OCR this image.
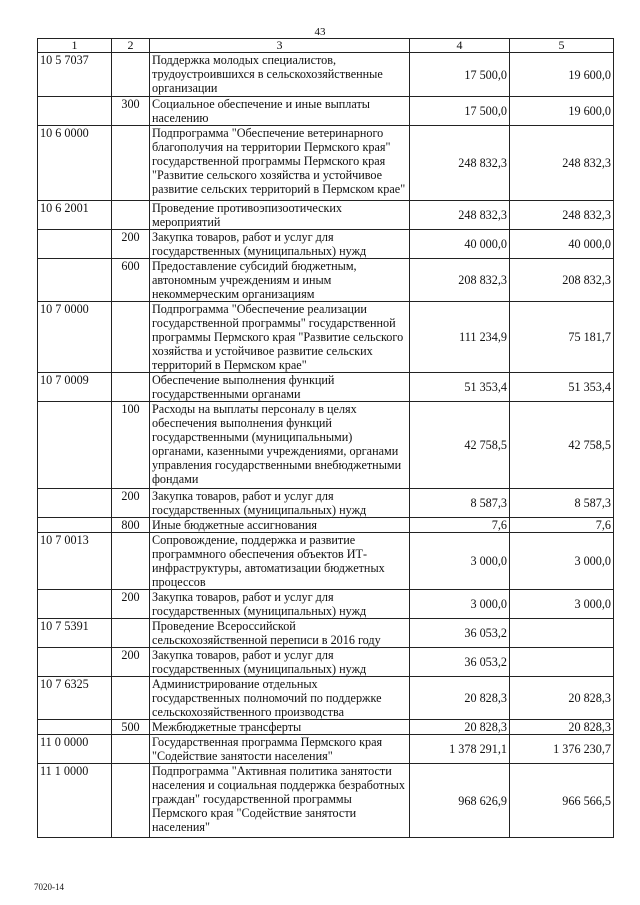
43
1	2	3	4	5
10 5 7037		Поддержка молодых специалистов, трудоустроившихся в сельскохозяйственные организации	17 500,0	19 600,0
	300	Социальное обеспечение и иные выплаты населению	17 500,0	19 600,0
10 6 0000		Подпрограмма "Обеспечение ветеринарного благополучия на территории Пермского края" государственной программы Пермского края "Развитие сельского хозяйства и устойчивое развитие сельских территорий в Пермском крае"	248 832,3	248 832,3
10 6 2001		Проведение противоэпизоотических мероприятий	248 832,3	248 832,3
	200	Закупка товаров, работ и услуг для государственных (муниципальных) нужд	40 000,0	40 000,0
	600	Предоставление субсидий бюджетным, автономным учреждениям и иным некоммерческим организациям	208 832,3	208 832,3
10 7 0000		Подпрограмма "Обеспечение реализации государственной программы" государственной программы Пермского края "Развитие сельского хозяйства и устойчивое развитие сельских территорий в Пермском крае"	111 234,9	75 181,7
10 7 0009		Обеспечение выполнения функций государственными органами	51 353,4	51 353,4
	100	Расходы на выплаты персоналу в целях обеспечения выполнения функций государственными (муниципальными) органами, казенными учреждениями, органами управления государственными внебюджетными фондами	42 758,5	42 758,5
	200	Закупка товаров, работ и услуг для государственных (муниципальных) нужд	8 587,3	8 587,3
	800	Иные бюджетные ассигнования	7,6	7,6
10 7 0013		Сопровождение, поддержка и развитие программного обеспечения объектов ИТ-инфраструктуры, автоматизации бюджетных процессов	3 000,0	3 000,0
	200	Закупка товаров, работ и услуг для государственных (муниципальных) нужд	3 000,0	3 000,0
10 7 5391		Проведение Всероссийской сельскохозяйственной переписи в 2016 году	36 053,2	
	200	Закупка товаров, работ и услуг для государственных (муниципальных) нужд	36 053,2	
10 7 6325		Администрирование отдельных государственных полномочий по поддержке сельскохозяйственного производства	20 828,3	20 828,3
	500	Межбюджетные трансферты	20 828,3	20 828,3
11 0 0000		Государственная программа Пермского края "Содействие занятости населения"	1 378 291,1	1 376 230,7
11 1 0000		Подпрограмма "Активная политика занятости населения и социальная поддержка безработных граждан" государственной программы Пермского края "Содействие занятости населения"	968 626,9	966 566,5
7020-14
